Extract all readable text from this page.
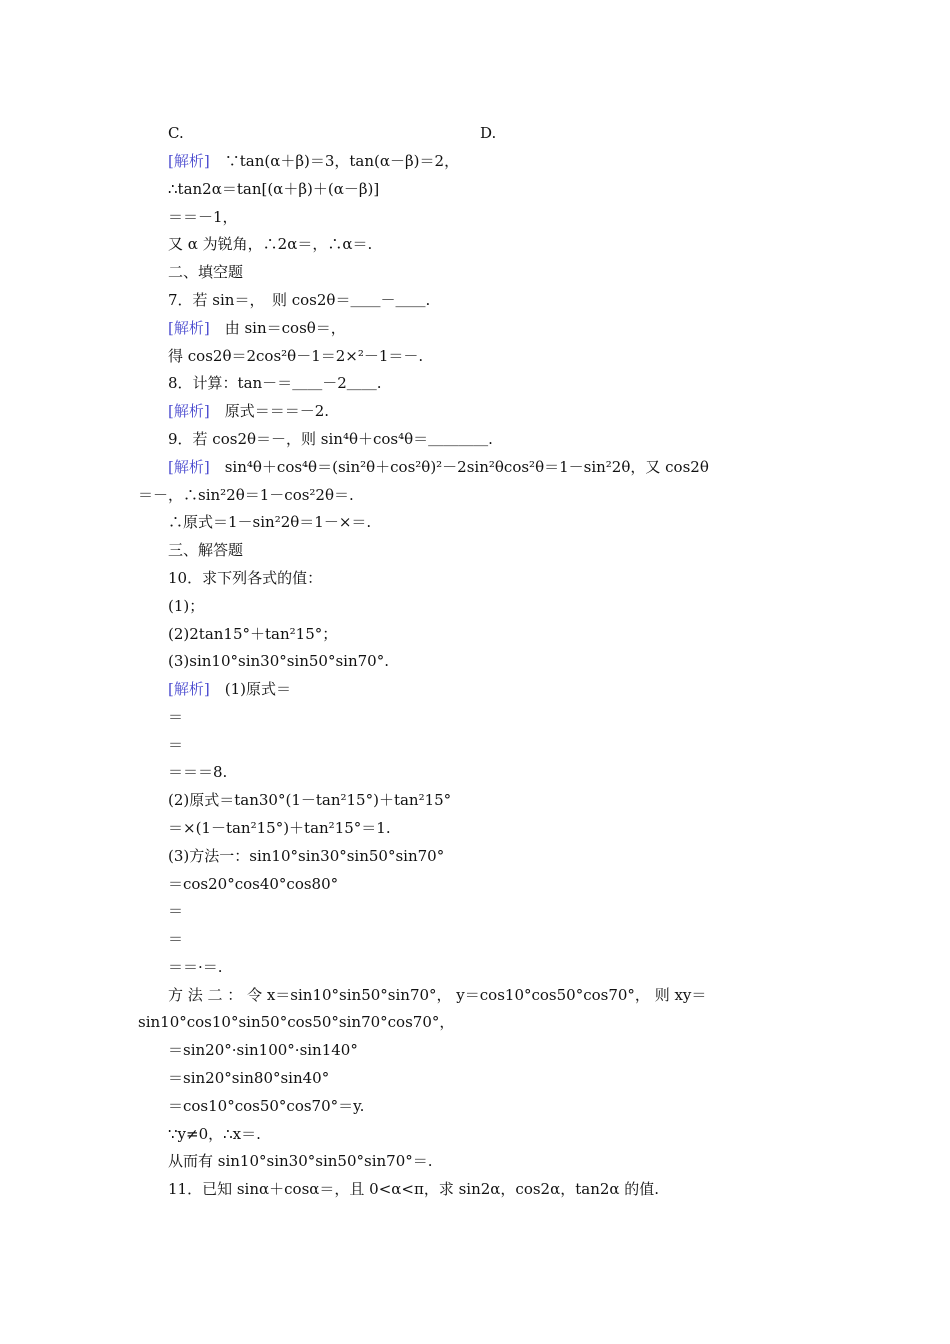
C.	D.
[解析]　∵tan(α＋β)＝3，tan(α－β)＝2，
∴tan2α＝tan[(α＋β)＋(α－β)]
＝＝－1，
又 α 为锐角，∴2α＝，∴α＝.
二、填空题
7．若 sin＝，　则 cos2θ＝＿＿－＿＿.
[解析]　由 sin＝cosθ＝，
得 cos2θ＝2cos²θ－1＝2×²－1＝－.
8．计算：tan－＝＿＿－2＿＿.
[解析]　原式＝＝＝－2.
9．若 cos2θ＝－，则 sin⁴θ＋cos⁴θ＝＿＿＿＿.
[解析]　sin⁴θ＋cos⁴θ＝(sin²θ＋cos²θ)²－2sin²θcos²θ＝1－sin²2θ，又 cos2θ
＝－，∴sin²2θ＝1－cos²2θ＝.
∴原式＝1－sin²2θ＝1－×＝.
三、解答题
10．求下列各式的值：
(1)；
(2)2tan15°＋tan²15°；
(3)sin10°sin30°sin50°sin70°.
[解析]　(1)原式＝
＝
＝
＝＝＝8.
(2)原式＝tan30°(1－tan²15°)＋tan²15°
＝×(1－tan²15°)＋tan²15°＝1.
(3)方法一：sin10°sin30°sin50°sin70°
＝cos20°cos40°cos80°
＝
＝
＝＝·＝.
方 法 二 ： 令 x＝sin10°sin50°sin70°， y＝cos10°cos50°cos70°， 则 xy＝
sin10°cos10°sin50°cos50°sin70°cos70°，
＝sin20°·sin100°·sin140°
＝sin20°sin80°sin40°
＝cos10°cos50°cos70°＝y.
∵y≠0，∴x＝.
从而有 sin10°sin30°sin50°sin70°＝.
11．已知 sinα＋cosα＝，且 0<α<π，求 sin2α，cos2α，tan2α 的值.
